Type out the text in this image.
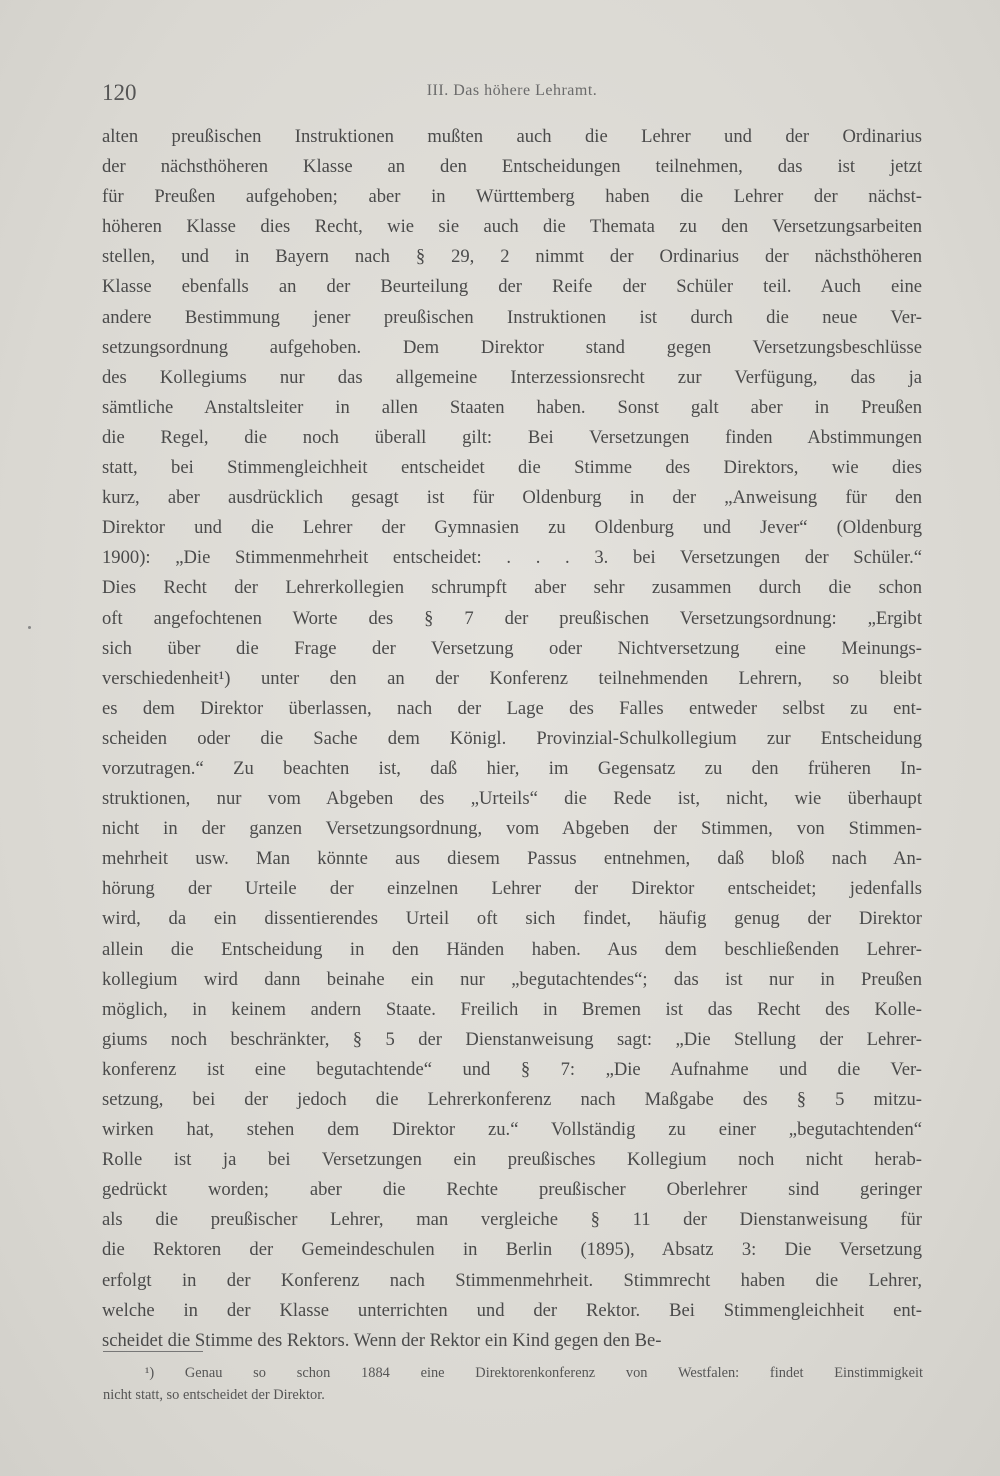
120	III. Das höhere Lehramt.
alten preußischen Instruktionen mußten auch die Lehrer und der Ordinarius
der nächsthöheren Klasse an den Entscheidungen teilnehmen, das ist jetzt
für Preußen aufgehoben; aber in Württemberg haben die Lehrer der nächst-
höheren Klasse dies Recht, wie sie auch die Themata zu den Versetzungsarbeiten
stellen, und in Bayern nach § 29, 2 nimmt der Ordinarius der nächsthöheren
Klasse ebenfalls an der Beurteilung der Reife der Schüler teil. Auch eine
andere Bestimmung jener preußischen Instruktionen ist durch die neue Ver-
setzungsordnung aufgehoben. Dem Direktor stand gegen Versetzungsbeschlüsse
des Kollegiums nur das allgemeine Interzessionsrecht zur Verfügung, das ja
sämtliche Anstaltsleiter in allen Staaten haben. Sonst galt aber in Preußen
die Regel, die noch überall gilt: Bei Versetzungen finden Abstimmungen
statt, bei Stimmengleichheit entscheidet die Stimme des Direktors, wie dies
kurz, aber ausdrücklich gesagt ist für Oldenburg in der „Anweisung für den
Direktor und die Lehrer der Gymnasien zu Oldenburg und Jever“ (Oldenburg
1900): „Die Stimmenmehrheit entscheidet: . . . 3. bei Versetzungen der Schüler.“
Dies Recht der Lehrerkollegien schrumpft aber sehr zusammen durch die schon
oft angefochtenen Worte des § 7 der preußischen Versetzungsordnung: „Ergibt
sich über die Frage der Versetzung oder Nichtversetzung eine Meinungs-
verschiedenheit¹) unter den an der Konferenz teilnehmenden Lehrern, so bleibt
es dem Direktor überlassen, nach der Lage des Falles entweder selbst zu ent-
scheiden oder die Sache dem Königl. Provinzial-Schulkollegium zur Entscheidung
vorzutragen.“ Zu beachten ist, daß hier, im Gegensatz zu den früheren In-
struktionen, nur vom Abgeben des „Urteils“ die Rede ist, nicht, wie überhaupt
nicht in der ganzen Versetzungsordnung, vom Abgeben der Stimmen, von Stimmen-
mehrheit usw. Man könnte aus diesem Passus entnehmen, daß bloß nach An-
hörung der Urteile der einzelnen Lehrer der Direktor entscheidet; jedenfalls
wird, da ein dissentierendes Urteil oft sich findet, häufig genug der Direktor
allein die Entscheidung in den Händen haben. Aus dem beschließenden Lehrer-
kollegium wird dann beinahe ein nur „begutachtendes“; das ist nur in Preußen
möglich, in keinem andern Staate. Freilich in Bremen ist das Recht des Kolle-
giums noch beschränkter, § 5 der Dienstanweisung sagt: „Die Stellung der Lehrer-
konferenz ist eine begutachtende“ und § 7: „Die Aufnahme und die Ver-
setzung, bei der jedoch die Lehrerkonferenz nach Maßgabe des § 5 mitzu-
wirken hat, stehen dem Direktor zu.“ Vollständig zu einer „begutachtenden“
Rolle ist ja bei Versetzungen ein preußisches Kollegium noch nicht herab-
gedrückt worden; aber die Rechte preußischer Oberlehrer sind geringer
als die preußischer Lehrer, man vergleiche § 11 der Dienstanweisung für
die Rektoren der Gemeindeschulen in Berlin (1895), Absatz 3: Die Versetzung
erfolgt in der Konferenz nach Stimmenmehrheit. Stimmrecht haben die Lehrer,
welche in der Klasse unterrichten und der Rektor. Bei Stimmengleichheit ent-
scheidet die Stimme des Rektors. Wenn der Rektor ein Kind gegen den Be-
¹) Genau so schon 1884 eine Direktorenkonferenz von Westfalen: findet Einstimmigkeit
nicht statt, so entscheidet der Direktor.
